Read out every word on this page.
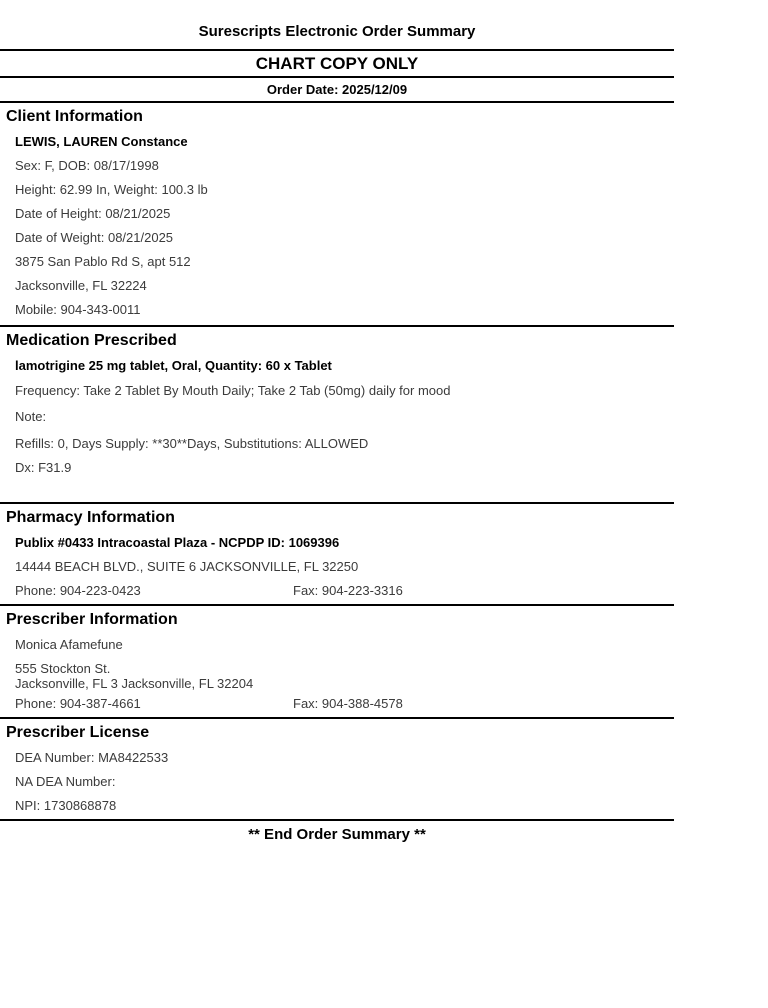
Surescripts Electronic Order Summary
CHART COPY ONLY
Order Date: 2025/12/09
Client Information
LEWIS, LAUREN Constance
Sex: F, DOB: 08/17/1998
Height: 62.99 In, Weight: 100.3 lb
Date of Height: 08/21/2025
Date of Weight: 08/21/2025
3875 San Pablo Rd S, apt 512
Jacksonville, FL 32224
Mobile: 904-343-0011
Medication Prescribed
lamotrigine 25 mg tablet, Oral, Quantity: 60 x Tablet
Frequency: Take 2 Tablet By Mouth Daily; Take 2 Tab (50mg) daily for mood
Note:
Refills: 0, Days Supply: **30**Days, Substitutions: ALLOWED
Dx: F31.9
Pharmacy Information
Publix #0433 Intracoastal Plaza - NCPDP ID: 1069396
14444 BEACH BLVD., SUITE 6 JACKSONVILLE, FL 32250
Phone: 904-223-0423	Fax: 904-223-3316
Prescriber Information
Monica Afamefune
555 Stockton St.
Jacksonville, FL 3 Jacksonville, FL 32204
Phone: 904-387-4661	Fax: 904-388-4578
Prescriber License
DEA Number: MA8422533
NA DEA Number:
NPI: 1730868878
** End Order Summary **
